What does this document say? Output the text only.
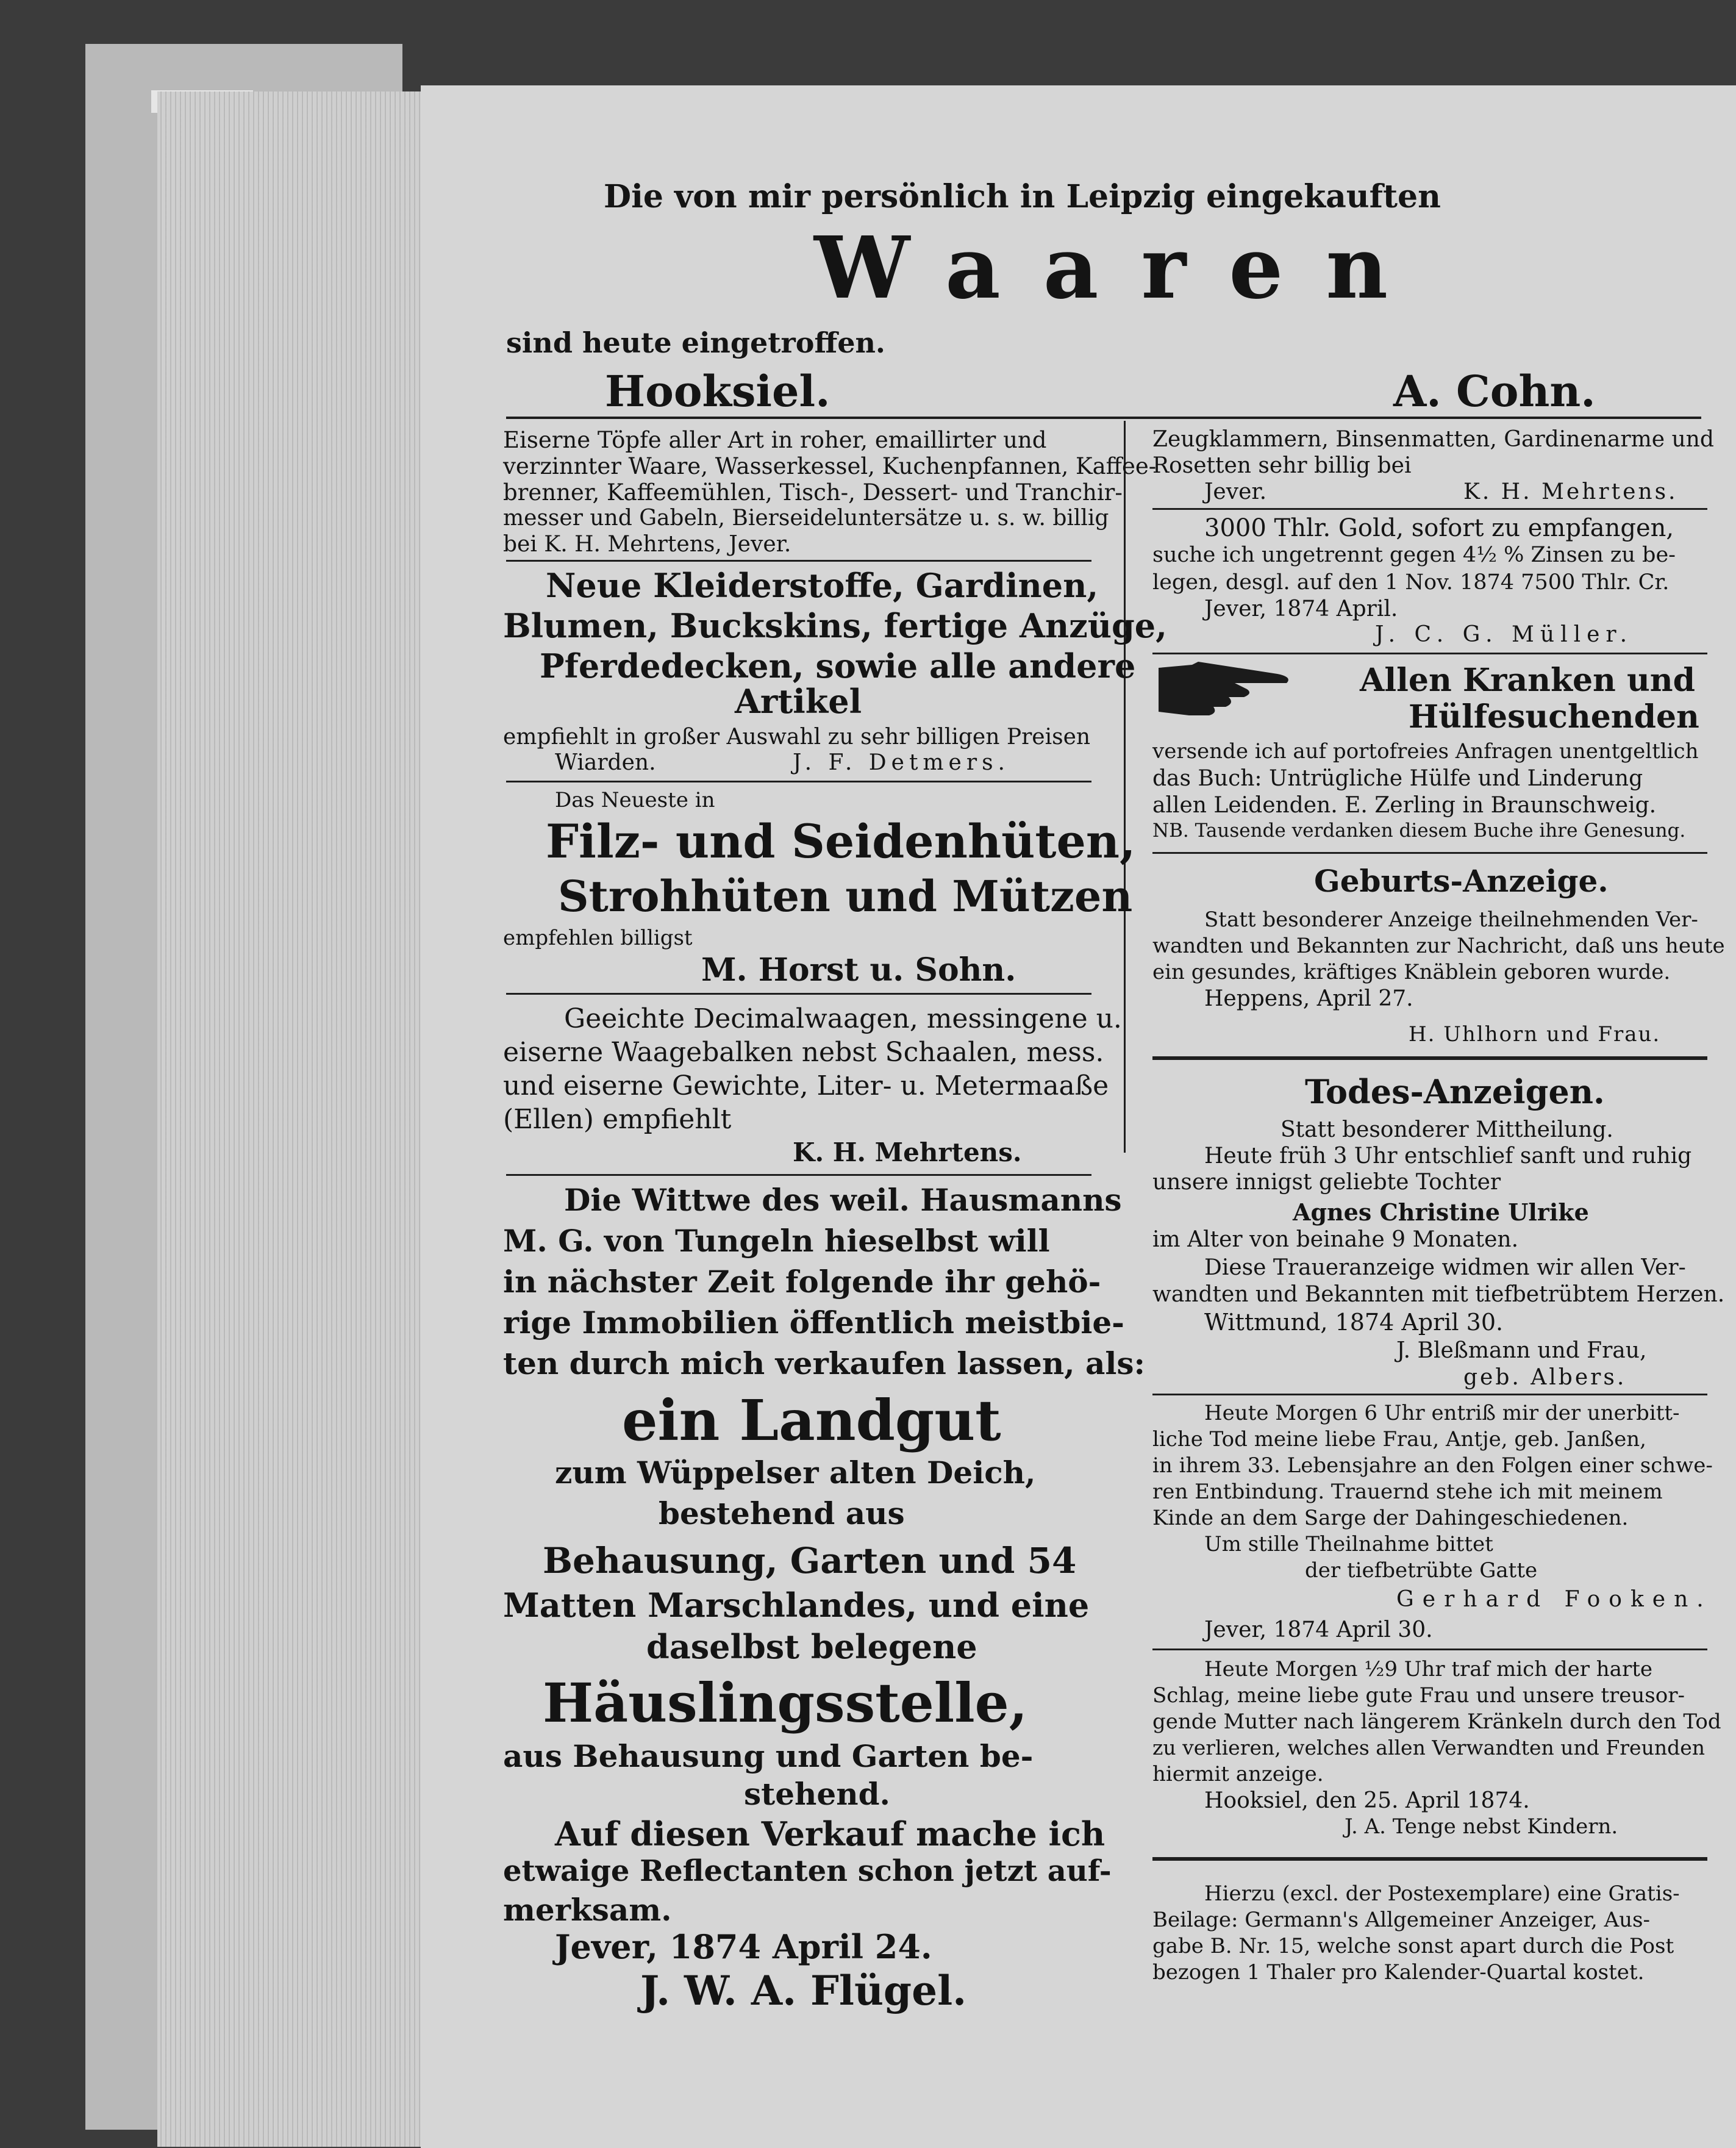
Die von mir persönlich in Leipzig eingekauften
Waaren
sind heute eingetroffen.
Hooksiel.	A. Cohn.
Eiserne Töpfe aller Art in roher, emaillirter und
verzinnter Waare, Wasserkessel, Kuchenpfannen, Kaffee-
brenner, Kaffeemühlen, Tisch-, Dessert- und Tranchir-
messer und Gabeln, Bierseideluntersätze u. s. w. billig
bei K. H. Mehrtens, Jever.
Neue Kleiderstoffe, Gardinen,
Blumen, Buckskins, fertige Anzüge,
Pferdedecken, sowie alle andere
Artikel
empfiehlt in großer Auswahl zu sehr billigen Preisen
Wiarden.	J. F. Detmers.
Das Neueste in
Filz- und Seidenhüten,
Strohhüten und Mützen
empfehlen billigst
M. Horst u. Sohn.
Geeichte Decimalwaagen, messingene u.
eiserne Waagebalken nebst Schaalen, mess.
und eiserne Gewichte, Liter- u. Metermaaße
(Ellen) empfiehlt
K. H. Mehrtens.
Die Wittwe des weil. Hausmanns
M. G. von Tungeln hieselbst will
in nächster Zeit folgende ihr gehö-
rige Immobilien öffentlich meistbie-
ten durch mich verkaufen lassen, als:
ein Landgut
zum Wüppelser alten Deich,
bestehend aus
Behausung, Garten und 54
Matten Marschlandes, und eine
daselbst belegene
Häuslingsstelle,
aus Behausung und Garten be-
stehend.
Auf diesen Verkauf mache ich
etwaige Reflectanten schon jetzt auf-
merksam.
Jever, 1874 April 24.
J. W. A. Flügel.
Zeugklammern, Binsenmatten, Gardinenarme und
Rosetten sehr billig bei
Jever.	K. H. Mehrtens.
3000 Thlr. Gold, sofort zu empfangen,
suche ich ungetrennt gegen 4½ % Zinsen zu be-
legen, desgl. auf den 1 Nov. 1874 7500 Thlr. Cr.
Jever, 1874 April.
J. C. G. Müller.
Allen Kranken und
Hülfesuchenden
versende ich auf portofreies Anfragen unentgeltlich
das Buch: Untrügliche Hülfe und Linderung
allen Leidenden. E. Zerling in Braunschweig.
NB. Tausende verdanken diesem Buche ihre Genesung.
Geburts-Anzeige.
Statt besonderer Anzeige theilnehmenden Ver-
wandten und Bekannten zur Nachricht, daß uns heute
ein gesundes, kräftiges Knäblein geboren wurde.
Heppens, April 27.
H. Uhlhorn und Frau.
Todes-Anzeigen.
Statt besonderer Mittheilung.
Heute früh 3 Uhr entschlief sanft und ruhig
unsere innigst geliebte Tochter
Agnes Christine Ulrike
im Alter von beinahe 9 Monaten.
Diese Traueranzeige widmen wir allen Ver-
wandten und Bekannten mit tiefbetrübtem Herzen.
Wittmund, 1874 April 30.
J. Bleßmann und Frau,
geb. Albers.
Heute Morgen 6 Uhr entriß mir der unerbitt-
liche Tod meine liebe Frau, Antje, geb. Janßen,
in ihrem 33. Lebensjahre an den Folgen einer schwe-
ren Entbindung. Trauernd stehe ich mit meinem
Kinde an dem Sarge der Dahingeschiedenen.
Um stille Theilnahme bittet
der tiefbetrübte Gatte
Gerhard Fooken.
Jever, 1874 April 30.
Heute Morgen ½9 Uhr traf mich der harte
Schlag, meine liebe gute Frau und unsere treusor-
gende Mutter nach längerem Kränkeln durch den Tod
zu verlieren, welches allen Verwandten und Freunden
hiermit anzeige.
Hooksiel, den 25. April 1874.
J. A. Tenge nebst Kindern.
Hierzu (excl. der Postexemplare) eine Gratis-
Beilage: Germann's Allgemeiner Anzeiger, Aus-
gabe B. Nr. 15, welche sonst apart durch die Post
bezogen 1 Thaler pro Kalender-Quartal kostet.
